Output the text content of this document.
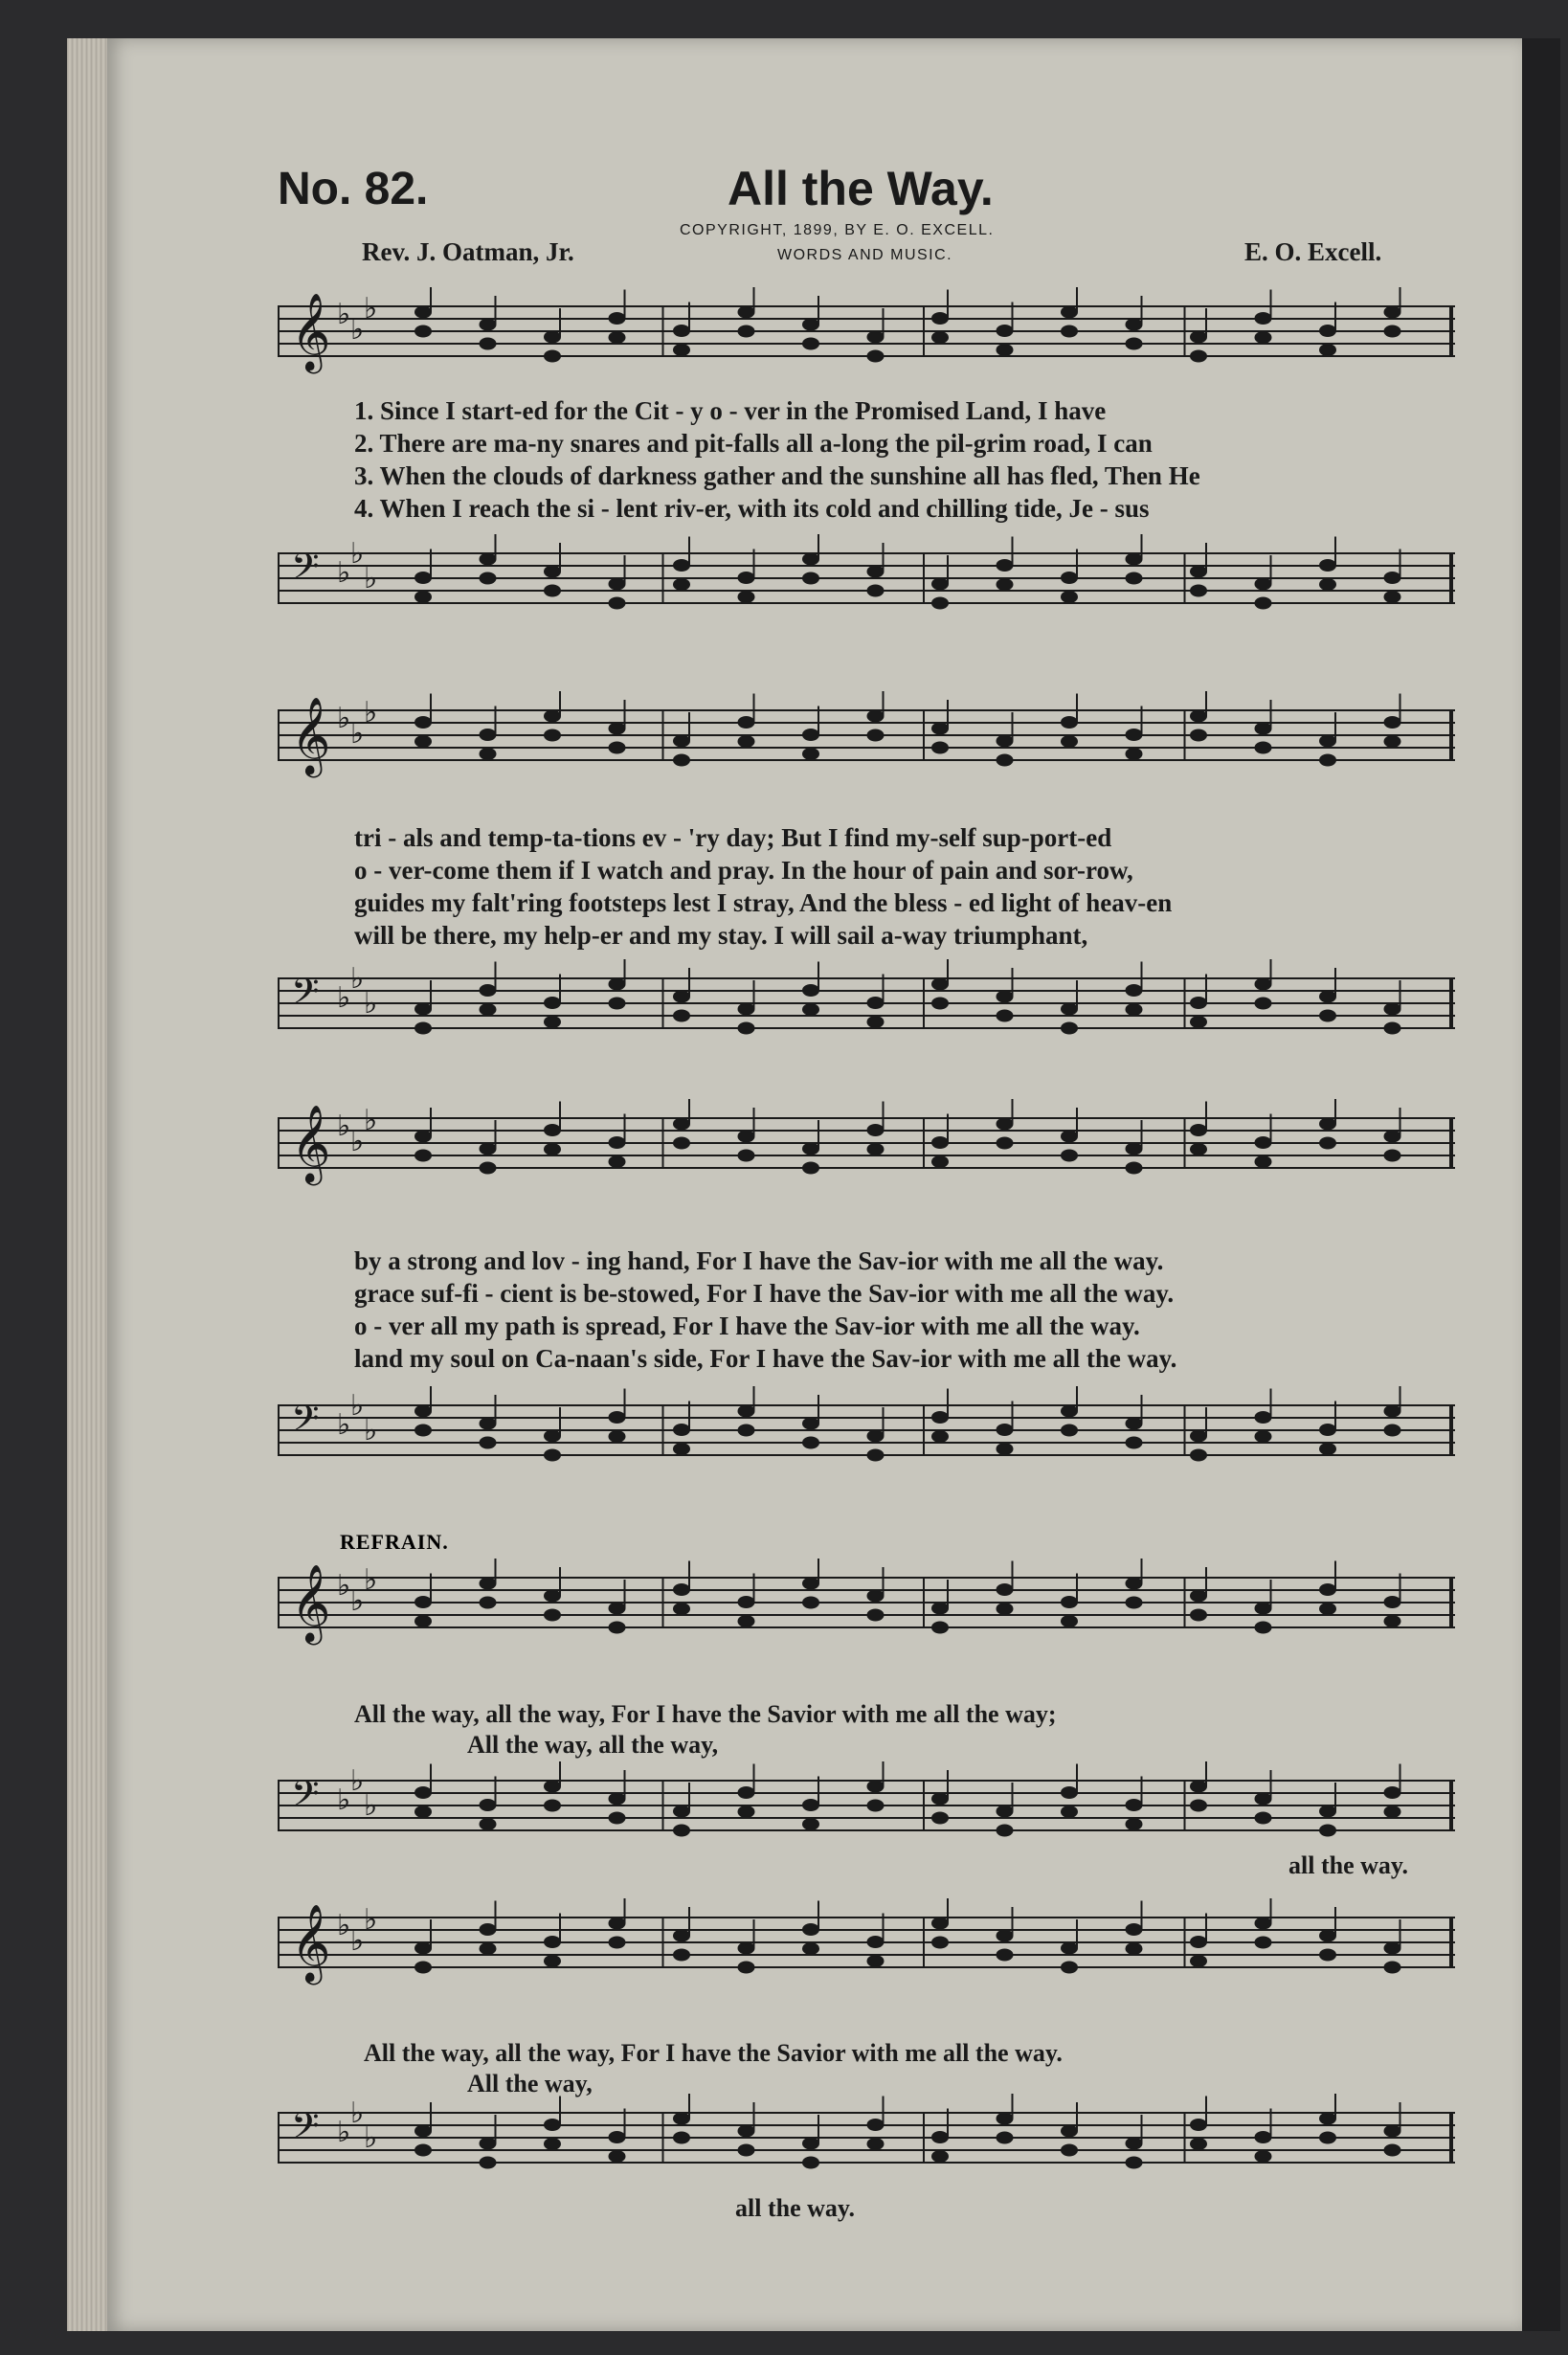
No. 82.	All the Way.
COPYRIGHT, 1899, BY E. O. EXCELL.
WORDS AND MUSIC.
Rev. J. Oatman, Jr.	E. O. Excell.
𝄞 ♭ ♭
♭
1. Since I start-ed for the Cit - y o - ver in the Promised Land, I have
2. There are ma-ny snares and pit-falls all a-long the pil-grim road, I can
3. When the clouds of darkness gather and the sunshine all has fled, Then He
4. When I reach the si - lent riv-er, with its cold and chilling tide, Je - sus
𝄢 ♭
♭
♭
𝄞 ♭ ♭
♭
tri - als and temp-ta-tions ev - 'ry day; But I find my-self sup-port-ed
o - ver-come them if I watch and pray. In the hour of pain and sor-row,
guides my falt'ring footsteps lest I stray, And the bless - ed light of heav-en
will be there, my help-er and my stay. I will sail a-way triumphant,
𝄢 ♭
♭
♭
𝄞 ♭ ♭
♭
by a strong and lov - ing hand, For I have the Sav-ior with me all the way.
grace suf-fi - cient is be-stowed, For I have the Sav-ior with me all the way.
o - ver all my path is spread, For I have the Sav-ior with me all the way.
land my soul on Ca-naan's side, For I have the Sav-ior with me all the way.
𝄢 ♭
♭
♭
REFRAIN.
𝄞 ♭ ♭
♭
𝄢 ♭
♭
♭
All the way, all the way, For I have the Savior with me all the way;
All the way, all the way,
all the way.
𝄞 ♭ ♭
♭
𝄢 ♭
♭
♭
All the way, all the way, For I have the Savior with me all the way.
All the way,
all the way.
